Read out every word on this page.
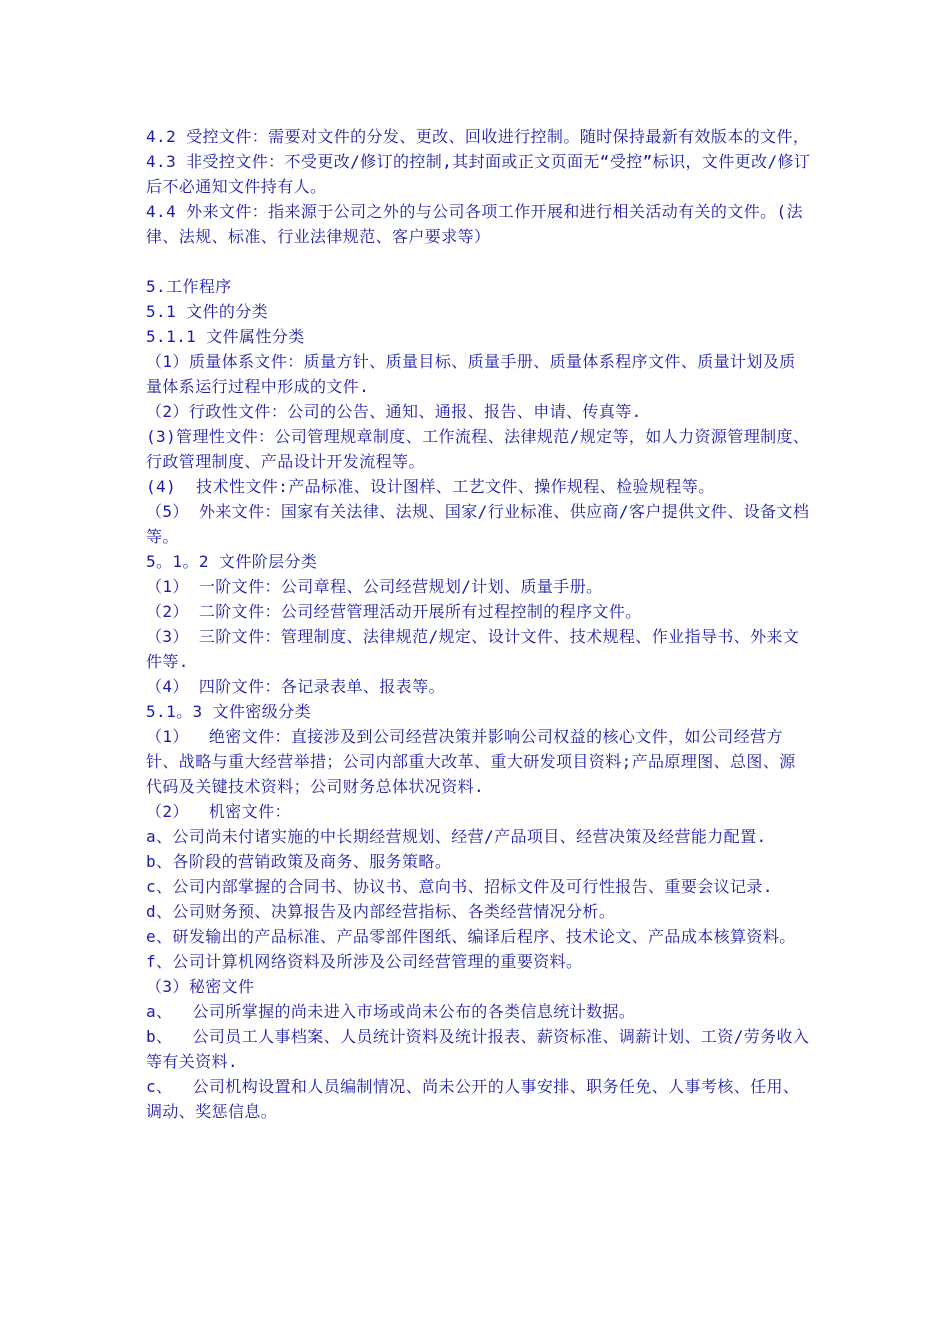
4.2 受控文件：需要对文件的分发、更改、回收进行控制。随时保持最新有效版本的文件，

4.3 非受控文件：不受更改/修订的控制,其封面或正文页面无“受控”标识，文件更改/修订后不必通知文件持有人。

4.4 外来文件：指来源于公司之外的与公司各项工作开展和进行相关活动有关的文件。(法律、法规、标准、行业法律规范、客户要求等）

5.工作程序

5.1 文件的分类

5.1.1 文件属性分类

（1）质量体系文件：质量方针、质量目标、质量手册、质量体系程序文件、质量计划及质量体系运行过程中形成的文件.

（2）行政性文件：公司的公告、通知、通报、报告、申请、传真等.

(3)管理性文件：公司管理规章制度、工作流程、法律规范/规定等，如人力资源管理制度、行政管理制度、产品设计开发流程等。

(4)  技术性文件:产品标准、设计图样、工艺文件、操作规程、检验规程等。

（5） 外来文件：国家有关法律、法规、国家/行业标准、供应商/客户提供文件、设备文档等。

5。1。2 文件阶层分类

（1） 一阶文件：公司章程、公司经营规划/计划、质量手册。

（2） 二阶文件：公司经营管理活动开展所有过程控制的程序文件。

（3） 三阶文件：管理制度、法律规范/规定、设计文件、技术规程、作业指导书、外来文件等.

（4） 四阶文件：各记录表单、报表等。

5.1。3 文件密级分类

（1）  绝密文件：直接涉及到公司经营决策并影响公司权益的核心文件，如公司经营方针、战略与重大经营举措；公司内部重大改革、重大研发项目资料;产品原理图、总图、源代码及关键技术资料；公司财务总体状况资料.

（2）  机密文件：

a、公司尚未付诸实施的中长期经营规划、经营/产品项目、经营决策及经营能力配置.

b、各阶段的营销政策及商务、服务策略。

c、公司内部掌握的合同书、协议书、意向书、招标文件及可行性报告、重要会议记录.

d、公司财务预、决算报告及内部经营指标、各类经营情况分析。

e、研发输出的产品标准、产品零部件图纸、编译后程序、技术论文、产品成本核算资料。

f、公司计算机网络资料及所涉及公司经营管理的重要资料。

（3）秘密文件

a、  公司所掌握的尚未进入市场或尚未公布的各类信息统计数据。

b、  公司员工人事档案、人员统计资料及统计报表、薪资标准、调薪计划、工资/劳务收入等有关资料.

c、  公司机构设置和人员编制情况、尚未公开的人事安排、职务任免、人事考核、任用、调动、奖惩信息。
